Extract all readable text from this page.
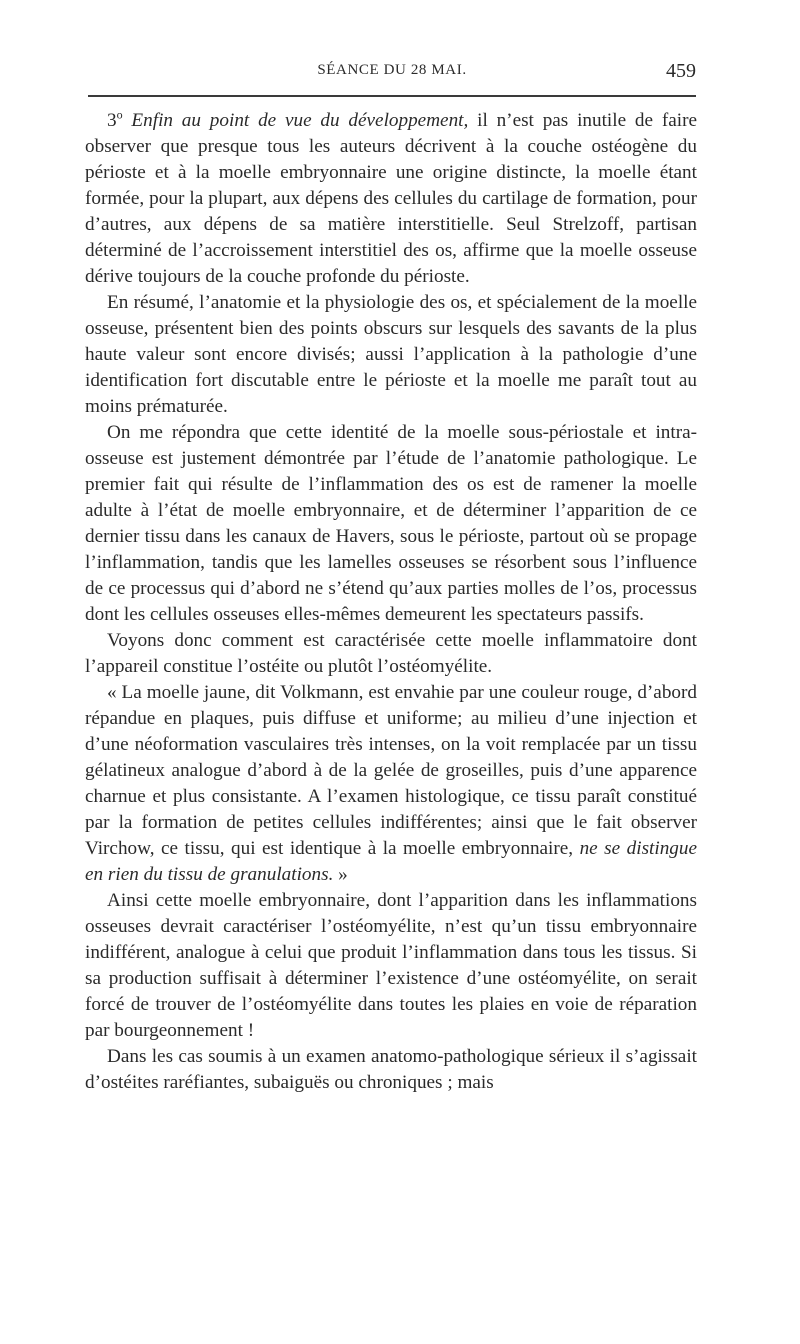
SÉANCE DU 28 MAI.	459

3$^o$ Enfin au point de vue du développement, il n’est pas inutile de faire observer que presque tous les auteurs décrivent à la couche ostéogène du périoste et à la moelle embryonnaire une origine distincte, la moelle étant formée, pour la plupart, aux dépens des cellules du cartilage de formation, pour d’autres, aux dépens de sa matière interstitielle. Seul Strelzoff, partisan déterminé de l’accroissement interstitiel des os, affirme que la moelle osseuse dérive toujours de la couche profonde du périoste.

En résumé, l’anatomie et la physiologie des os, et spécialement de la moelle osseuse, présentent bien des points obscurs sur lesquels des savants de la plus haute valeur sont encore divisés; aussi l’application à la pathologie d’une identification fort discutable entre le périoste et la moelle me paraît tout au moins prématurée.

On me répondra que cette identité de la moelle sous-périostale et intra-osseuse est justement démontrée par l’étude de l’anatomie pathologique. Le premier fait qui résulte de l’inflammation des os est de ramener la moelle adulte à l’état de moelle embryonnaire, et de déterminer l’apparition de ce dernier tissu dans les canaux de Havers, sous le périoste, partout où se propage l’inflammation, tandis que les lamelles osseuses se résorbent sous l’influence de ce processus qui d’abord ne s’étend qu’aux parties molles de l’os, processus dont les cellules osseuses elles-mêmes demeurent les spectateurs passifs.

Voyons donc comment est caractérisée cette moelle inflammatoire dont l’appareil constitue l’ostéite ou plutôt l’ostéomyélite.

« La moelle jaune, dit Volkmann, est envahie par une couleur rouge, d’abord répandue en plaques, puis diffuse et uniforme; au milieu d’une injection et d’une néoformation vasculaires très intenses, on la voit remplacée par un tissu gélatineux analogue d’abord à de la gelée de groseilles, puis d’une apparence charnue et plus consistante. A l’examen histologique, ce tissu paraît constitué par la formation de petites cellules indifférentes; ainsi que le fait observer Virchow, ce tissu, qui est identique à la moelle embryonnaire, ne se distingue en rien du tissu de granulations. »

Ainsi cette moelle embryonnaire, dont l’apparition dans les inflammations osseuses devrait caractériser l’ostéomyélite, n’est qu’un tissu embryonnaire indifférent, analogue à celui que produit l’inflammation dans tous les tissus. Si sa production suffisait à déterminer l’existence d’une ostéomyélite, on serait forcé de trouver de l’ostéomyélite dans toutes les plaies en voie de réparation par bourgeonnement !

Dans les cas soumis à un examen anatomo-pathologique sérieux il s’agissait d’ostéites raréfiantes, subaiguës ou chroniques ; mais
